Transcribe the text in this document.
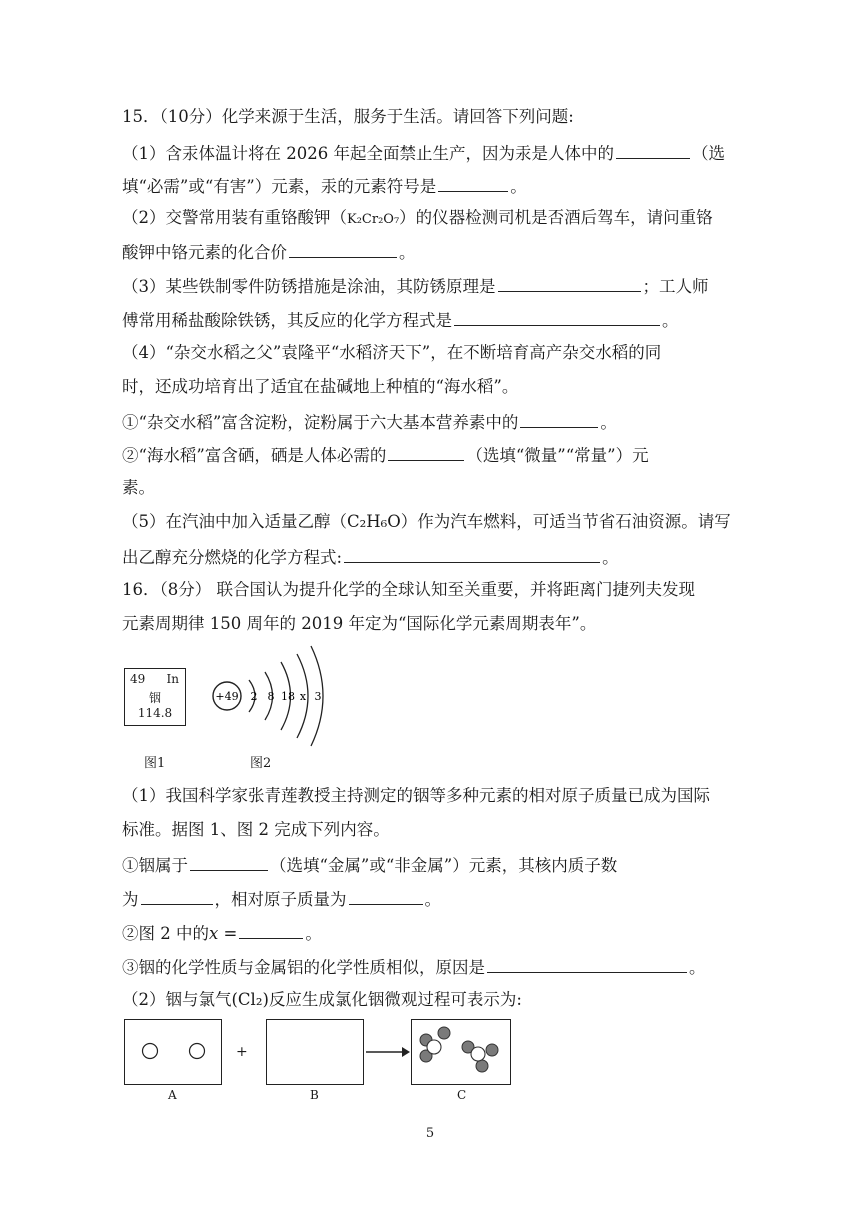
15．（10分）化学来源于生活，服务于生活。请回答下列问题:
（1）含汞体温计将在 2026 年起全面禁止生产，因为汞是人体中的	（选
填“必需”或“有害”）元素，汞的元素符号是	。
（2）交警常用装有重铬酸钾（K₂Cr₂O₇）的仪器检测司机是否酒后驾车，请问重铬
酸钾中铬元素的化合价	。
（3）某些铁制零件防锈措施是涂油，其防锈原理是	；工人师
傅常用稀盐酸除铁锈，其反应的化学方程式是	。
（4）“杂交水稻之父”袁隆平“水稻济天下”，在不断培育高产杂交水稻的同
时，还成功培育出了适宜在盐碱地上种植的“海水稻”。
①“杂交水稻”富含淀粉，淀粉属于六大基本营养素中的	。
②“海水稻”富含硒，硒是人体必需的	（选填“微量”“常量”）元
素。
（5）在汽油中加入适量乙醇（C₂H₆O）作为汽车燃料，可适当节省石油资源。请写
出乙醇充分燃烧的化学方程式:	。
16．（8分） 联合国认为提升化学的全球认知至关重要，并将距离门捷列夫发现
元素周期律 150 周年的 2019 年定为“国际化学元素周期表年”。
49 In
铟
114.8
+49 2 8 18 x 3
图1	图2
（1）我国科学家张青莲教授主持测定的铟等多种元素的相对原子质量已成为国际
标准。据图 1、图 2 完成下列内容。
①铟属于	（选填“金属”或“非金属”）元素，其核内质子数
为	，相对原子质量为	。
②图 2 中的x =	。
③铟的化学性质与金属铝的化学性质相似，原因是	。
（2）铟与氯气(Cl₂)反应生成氯化铟微观过程可表示为:
A
+
B	C
5
